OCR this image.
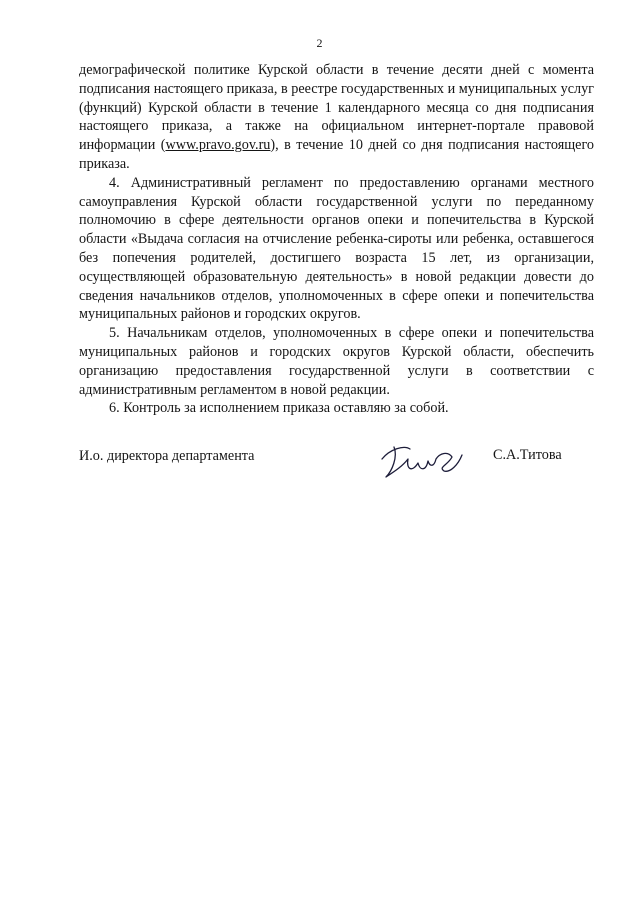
2

демографической политике Курской области в течение десяти дней с момента подписания настоящего приказа, в реестре государственных и муниципальных услуг (функций) Курской области в течение 1 календарного месяца со дня подписания настоящего приказа, а также на официальном интернет-портале правовой информации (www.pravo.gov.ru), в течение 10 дней со дня подписания настоящего приказа.

4. Административный регламент по предоставлению органами местного самоуправления Курской области государственной услуги по переданному полномочию в сфере деятельности органов опеки и попечительства в Курской области «Выдача согласия на отчисление ребенка-сироты или ребенка, оставшегося без попечения родителей, достигшего возраста 15 лет, из организации, осуществляющей образовательную деятельность» в новой редакции довести до сведения начальников отделов, уполномоченных в сфере опеки и попечительства муниципальных районов и городских округов.

5. Начальникам отделов, уполномоченных в сфере опеки и попечительства муниципальных районов и городских округов Курской области, обеспечить организацию предоставления государственной услуги в соответствии с административным регламентом в новой редакции.

6. Контроль за исполнением приказа оставляю за собой.

И.о. директора департамента	С.А.Титова
